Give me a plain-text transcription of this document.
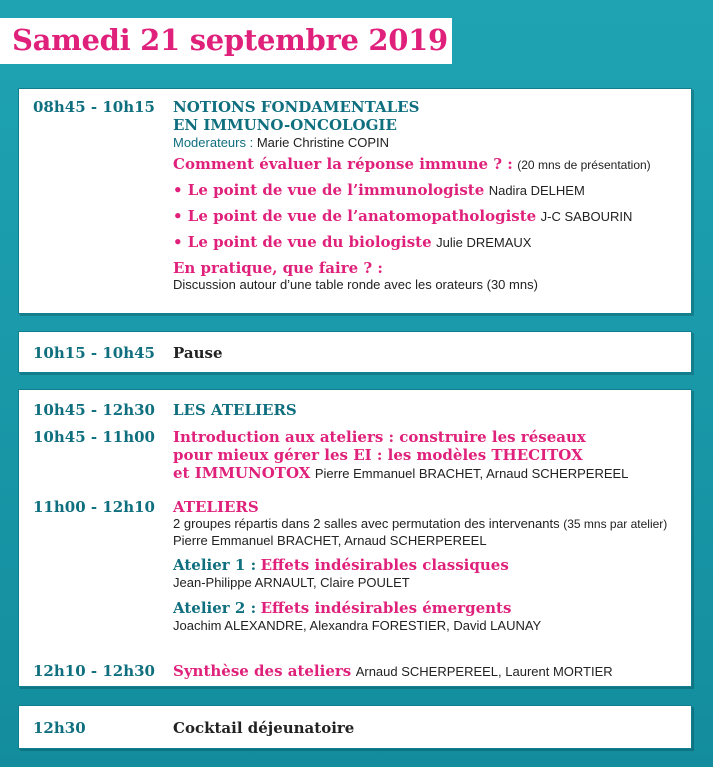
Samedi 21 septembre 2019
08h45 - 10h15	NOTIONS FONDAMENTALES
EN IMMUNO-ONCOLOGIE
Moderateurs : Marie Christine COPIN
Comment évaluer la réponse immune ? : (20 mns de présentation)
• Le point de vue de l’immunologiste Nadira DELHEM
• Le point de vue de l’anatomopathologiste J-C SABOURIN
• Le point de vue du biologiste Julie DREMAUX
En pratique, que faire ? :
Discussion autour d’une table ronde avec les orateurs (30 mns)
10h15 - 10h45	Pause
10h45 - 12h30	LES ATELIERS
10h45 - 11h00	Introduction aux ateliers : construire les réseaux
pour mieux gérer les EI : les modèles THECITOX
et IMMUNOTOX Pierre Emmanuel BRACHET, Arnaud SCHERPEREEL
11h00 - 12h10	ATELIERS
2 groupes répartis dans 2 salles avec permutation des intervenants (35 mns par atelier)
Pierre Emmanuel BRACHET, Arnaud SCHERPEREEL
Atelier 1 : Effets indésirables classiques
Jean-Philippe ARNAULT, Claire POULET
Atelier 2 : Effets indésirables émergents
Joachim ALEXANDRE, Alexandra FORESTIER, David LAUNAY
12h10 - 12h30	Synthèse des ateliers Arnaud SCHERPEREEL, Laurent MORTIER
12h30	Cocktail déjeunatoire
